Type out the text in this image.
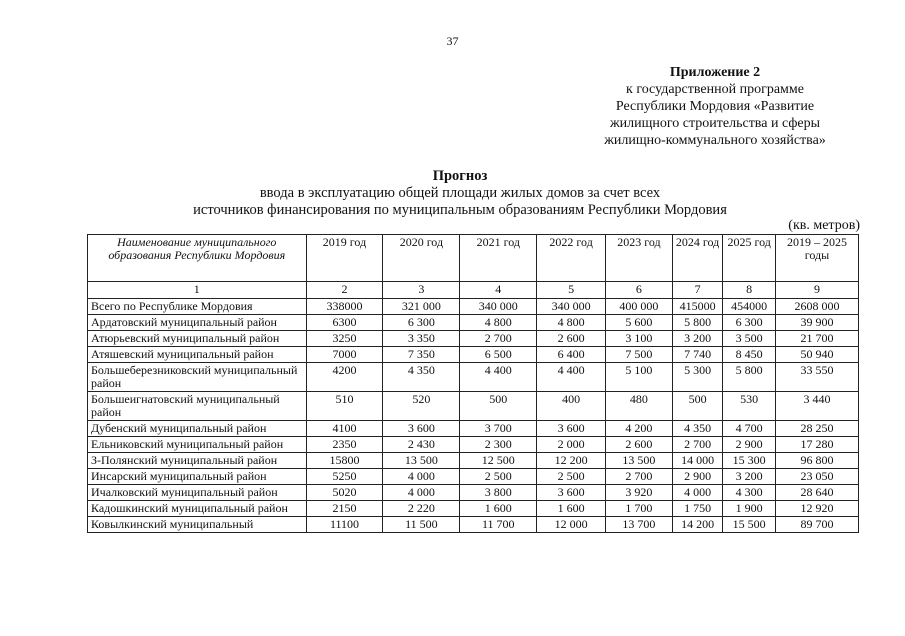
37
Приложение 2
к государственной программе
Республики Мордовия «Развитие
жилищного строительства и сферы
жилищно-коммунального хозяйства»
Прогноз
ввода в эксплуатацию общей площади жилых домов за счет всех
источников финансирования по муниципальным образованиям Республики Мордовия
(кв. метров)
Наименование муниципального образования Республики Мордовия	2019 год	2020 год	2021 год	2022 год	2023 год	2024 год	2025 год	2019 – 2025 годы
1	2	3	4	5	6	7	8	9
Всего по Республике Мордовия	338000	321 000	340 000	340 000	400 000	415000	454000	2608 000
Ардатовский муниципальный район	6300	6 300	4 800	4 800	5 600	5 800	6 300	39 900
Атюрьевский муниципальный район	3250	3 350	2 700	2 600	3 100	3 200	3 500	21 700
Атяшевский муниципальный район	7000	7 350	6 500	6 400	7 500	7 740	8 450	50 940
Большеберезниковский муниципальный район	4200	4 350	4 400	4 400	5 100	5 300	5 800	33 550
Большеигнатовский муниципальный район	510	520	500	400	480	500	530	3 440
Дубенский муниципальный район	4100	3 600	3 700	3 600	4 200	4 350	4 700	28 250
Ельниковский муниципальный район	2350	2 430	2 300	2 000	2 600	2 700	2 900	17 280
З-Полянский муниципальный район	15800	13 500	12 500	12 200	13 500	14 000	15 300	96 800
Инсарский муниципальный район	5250	4 000	2 500	2 500	2 700	2 900	3 200	23 050
Ичалковский муниципальный район	5020	4 000	3 800	3 600	3 920	4 000	4 300	28 640
Кадошкинский муниципальный район	2150	2 220	1 600	1 600	1 700	1 750	1 900	12 920
Ковылкинский муниципальный	11100	11 500	11 700	12 000	13 700	14 200	15 500	89 700
